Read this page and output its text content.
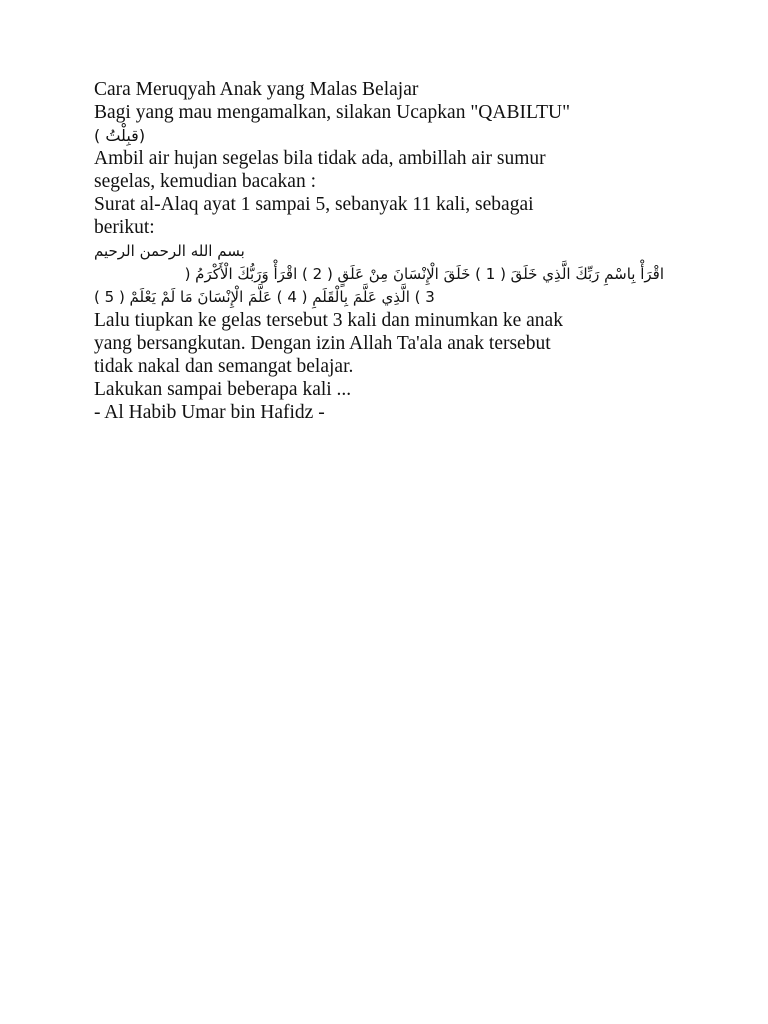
Cara Meruqyah Anak yang Malas Belajar
Bagi yang mau mengamalkan, silakan Ucapkan "QABILTU"
( قبِلْتُ)
Ambil air hujan segelas bila tidak ada, ambillah air sumur
segelas, kemudian bacakan :
Surat al-Alaq ayat 1 sampai 5, sebanyak 11 kali, sebagai
berikut:
بسم الله الرحمن الرحيم
اقْرَأْ بِاسْمِ رَبِّكَ الَّذِي خَلَقَ ( 1 ) خَلَقَ الْإِنْسَانَ مِنْ عَلَقٍ ( 2 ) اقْرَأْ وَرَبُّكَ الْأَكْرَمُ (
3 ) الَّذِي عَلَّمَ بِالْقَلَمِ ( 4 ) عَلَّمَ الْإِنْسَانَ مَا لَمْ يَعْلَمْ ( 5 )
Lalu tiupkan ke gelas tersebut 3 kali dan minumkan ke anak
yang bersangkutan. Dengan izin Allah Ta'ala anak tersebut
tidak nakal dan semangat belajar.
Lakukan sampai beberapa kali ...
- Al Habib Umar bin Hafidz -
